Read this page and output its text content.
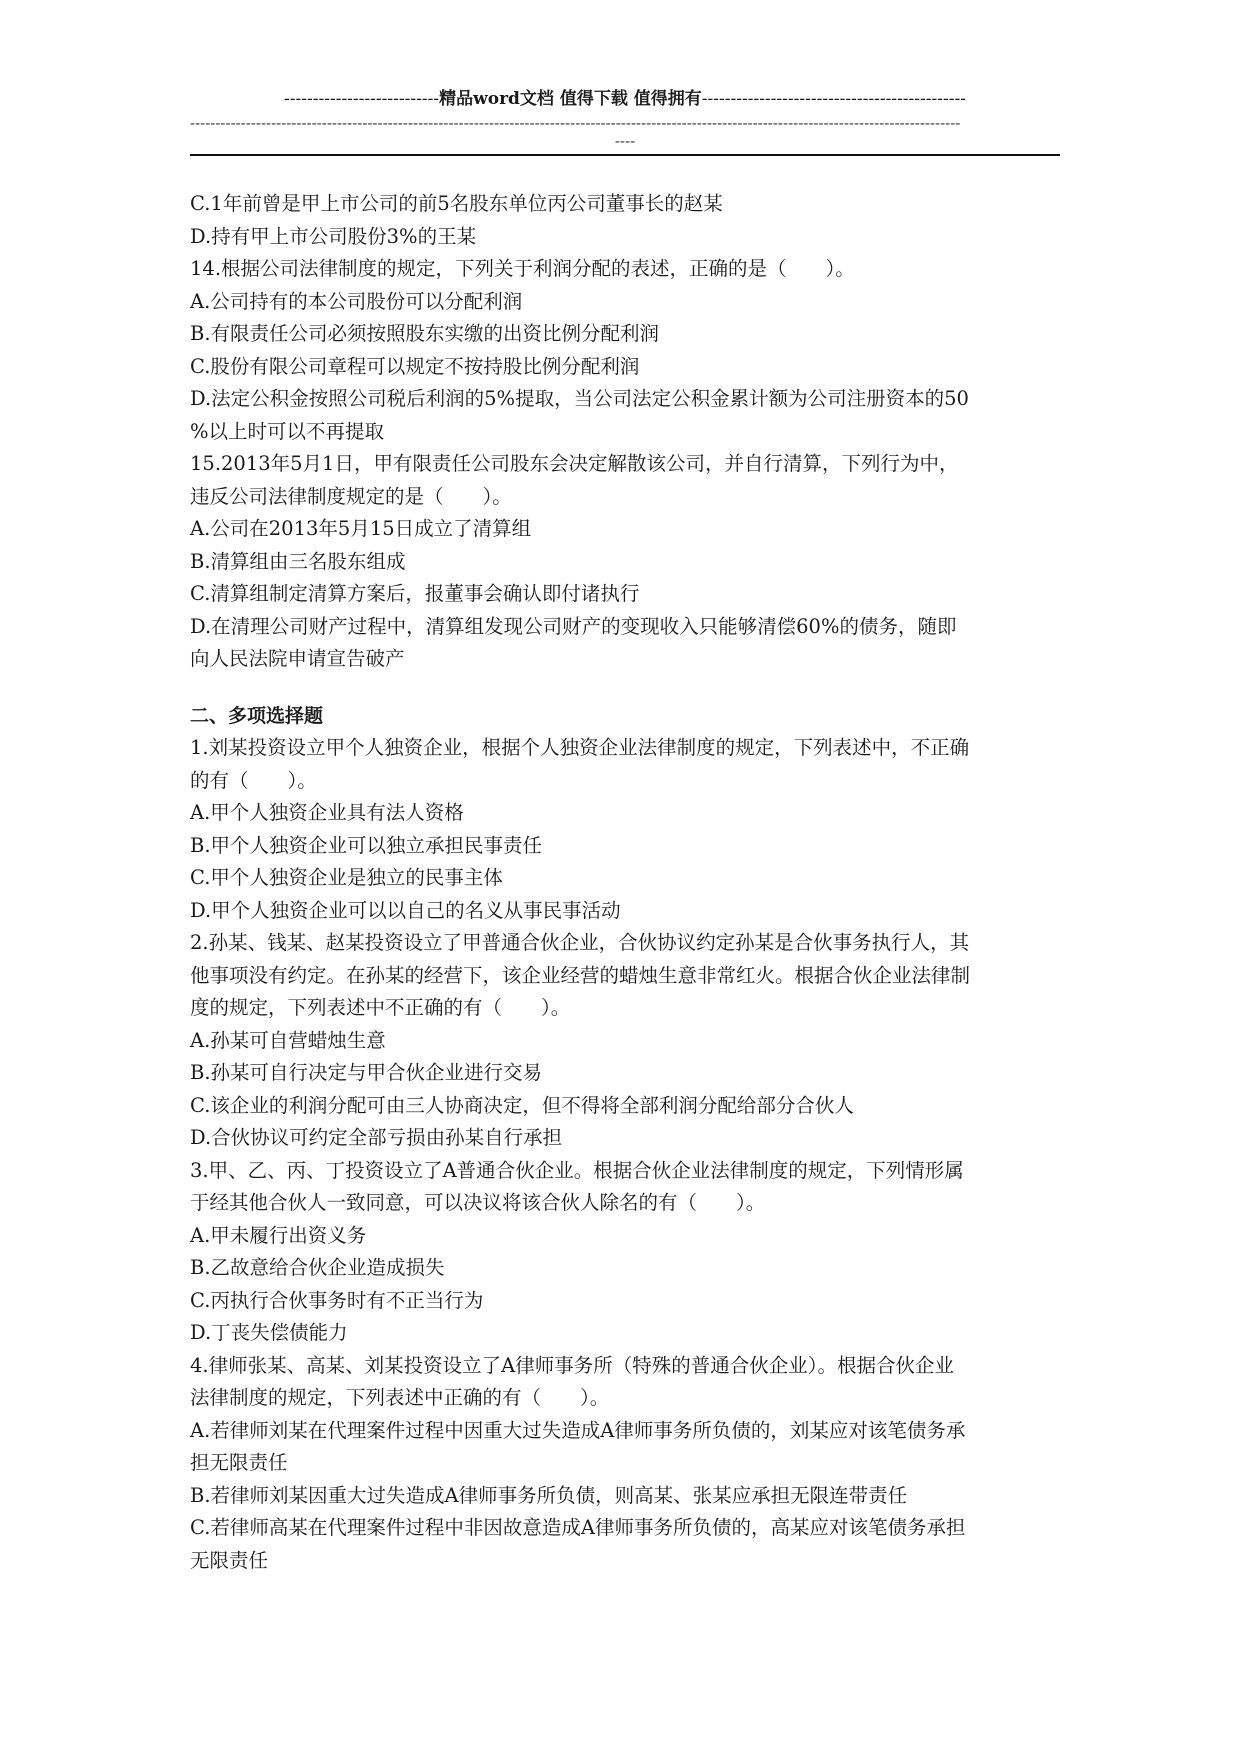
---------------------------精品word文档 值得下载 值得拥有----------------------------------------------
--------------------------------------------------------------------------------------------------------------------------------------------------------
----

C.1年前曾是甲上市公司的前5名股东单位丙公司董事长的赵某

D.持有甲上市公司股份3%的王某

14.根据公司法律制度的规定，下列关于利润分配的表述，正确的是（　　）。

A.公司持有的本公司股份可以分配利润

B.有限责任公司必须按照股东实缴的出资比例分配利润

C.股份有限公司章程可以规定不按持股比例分配利润

D.法定公积金按照公司税后利润的5%提取，当公司法定公积金累计额为公司注册资本的50

%以上时可以不再提取

15.2013年5月1日，甲有限责任公司股东会决定解散该公司，并自行清算，下列行为中，

违反公司法律制度规定的是（　　）。

A.公司在2013年5月15日成立了清算组

B.清算组由三名股东组成

C.清算组制定清算方案后，报董事会确认即付诸执行

D.在清理公司财产过程中，清算组发现公司财产的变现收入只能够清偿60%的债务，随即

向人民法院申请宣告破产

二、多项选择题

1.刘某投资设立甲个人独资企业，根据个人独资企业法律制度的规定，下列表述中，不正确

的有（　　）。

A.甲个人独资企业具有法人资格

B.甲个人独资企业可以独立承担民事责任

C.甲个人独资企业是独立的民事主体

D.甲个人独资企业可以以自己的名义从事民事活动

2.孙某、钱某、赵某投资设立了甲普通合伙企业，合伙协议约定孙某是合伙事务执行人，其

他事项没有约定。在孙某的经营下，该企业经营的蜡烛生意非常红火。根据合伙企业法律制

度的规定，下列表述中不正确的有（　　）。

A.孙某可自营蜡烛生意

B.孙某可自行决定与甲合伙企业进行交易

C.该企业的利润分配可由三人协商决定，但不得将全部利润分配给部分合伙人

D.合伙协议可约定全部亏损由孙某自行承担

3.甲、乙、丙、丁投资设立了A普通合伙企业。根据合伙企业法律制度的规定，下列情形属

于经其他合伙人一致同意，可以决议将该合伙人除名的有（　　）。

A.甲未履行出资义务

B.乙故意给合伙企业造成损失

C.丙执行合伙事务时有不正当行为

D.丁丧失偿债能力

4.律师张某、高某、刘某投资设立了A律师事务所（特殊的普通合伙企业）。根据合伙企业

法律制度的规定，下列表述中正确的有（　　）。

A.若律师刘某在代理案件过程中因重大过失造成A律师事务所负债的，刘某应对该笔债务承

担无限责任

B.若律师刘某因重大过失造成A律师事务所负债，则高某、张某应承担无限连带责任

C.若律师高某在代理案件过程中非因故意造成A律师事务所负债的，高某应对该笔债务承担

无限责任
